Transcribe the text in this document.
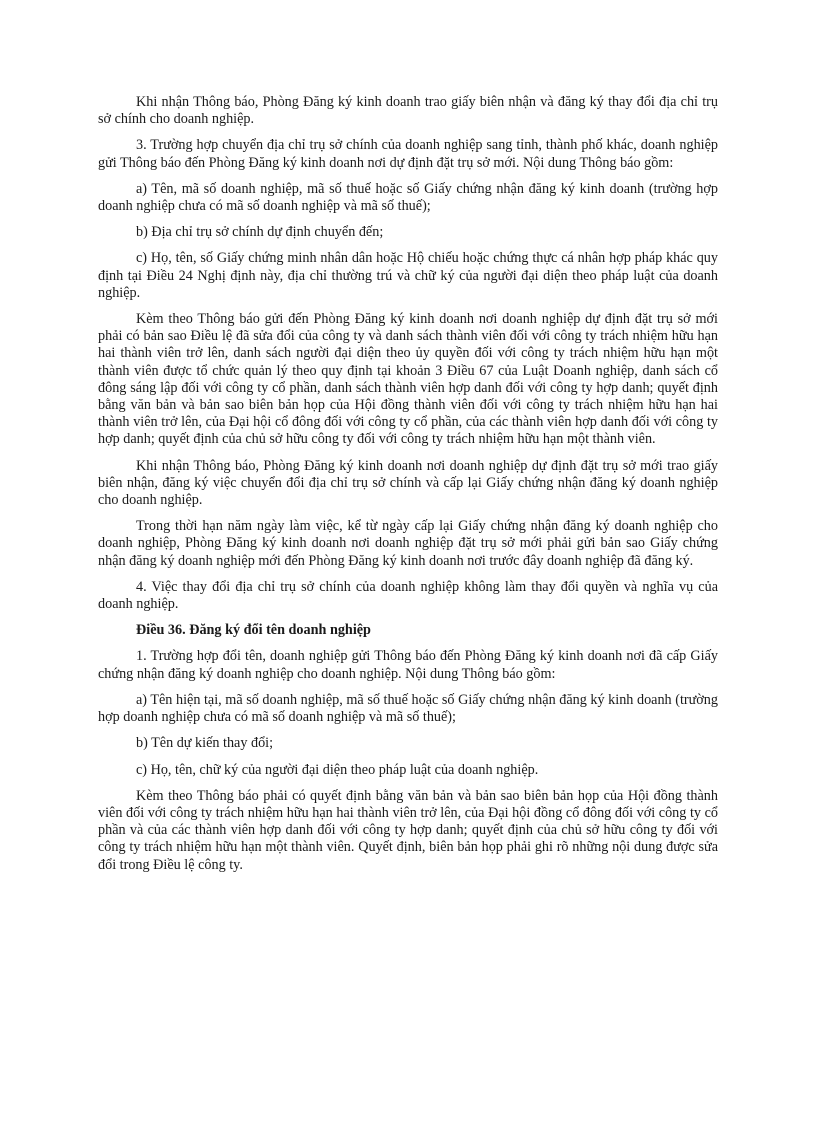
Khi nhận Thông báo, Phòng Đăng ký kinh doanh trao giấy biên nhận và đăng ký thay đổi địa chỉ trụ sở chính cho doanh nghiệp.

3. Trường hợp chuyển địa chỉ trụ sở chính của doanh nghiệp sang tỉnh, thành phố khác, doanh nghiệp gửi Thông báo đến Phòng Đăng ký kinh doanh nơi dự định đặt trụ sở mới. Nội dung Thông báo gồm:

a) Tên, mã số doanh nghiệp, mã số thuế hoặc số Giấy chứng nhận đăng ký kinh doanh (trường hợp doanh nghiệp chưa có mã số doanh nghiệp và mã số thuế);

b) Địa chỉ trụ sở chính dự định chuyển đến;

c) Họ, tên, số Giấy chứng minh nhân dân hoặc Hộ chiếu hoặc chứng thực cá nhân hợp pháp khác quy định tại Điều 24 Nghị định này, địa chỉ thường trú và chữ ký của người đại diện theo pháp luật của doanh nghiệp.

Kèm theo Thông báo gửi đến Phòng Đăng ký kinh doanh nơi doanh nghiệp dự định đặt trụ sở mới phải có bản sao Điều lệ đã sửa đổi của công ty và danh sách thành viên đối với công ty trách nhiệm hữu hạn hai thành viên trở lên, danh sách người đại diện theo ủy quyền đối với công ty trách nhiệm hữu hạn một thành viên được tổ chức quản lý theo quy định tại khoản 3 Điều 67 của Luật Doanh nghiệp, danh sách cổ đông sáng lập đối với công ty cổ phần, danh sách thành viên hợp danh đối với công ty hợp danh; quyết định bằng văn bản và bản sao biên bản họp của Hội đồng thành viên đối với công ty trách nhiệm hữu hạn hai thành viên trở lên, của Đại hội cổ đông đối với công ty cổ phần, của các thành viên hợp danh đối với công ty hợp danh; quyết định của chủ sở hữu công ty đối với công ty trách nhiệm hữu hạn một thành viên.

Khi nhận Thông báo, Phòng Đăng ký kinh doanh nơi doanh nghiệp dự định đặt trụ sở mới trao giấy biên nhận, đăng ký việc chuyển đổi địa chỉ trụ sở chính và cấp lại Giấy chứng nhận đăng ký doanh nghiệp cho doanh nghiệp.

Trong thời hạn năm ngày làm việc, kể từ ngày cấp lại Giấy chứng nhận đăng ký doanh nghiệp cho doanh nghiệp, Phòng Đăng ký kinh doanh nơi doanh nghiệp đặt trụ sở mới phải gửi bản sao Giấy chứng nhận đăng ký doanh nghiệp mới đến Phòng Đăng ký kinh doanh nơi trước đây doanh nghiệp đã đăng ký.

4. Việc thay đổi địa chỉ trụ sở chính của doanh nghiệp không làm thay đổi quyền và nghĩa vụ của doanh nghiệp.

Điều 36. Đăng ký đổi tên doanh nghiệp

1. Trường hợp đổi tên, doanh nghiệp gửi Thông báo đến Phòng Đăng ký kinh doanh nơi đã cấp Giấy chứng nhận đăng ký doanh nghiệp cho doanh nghiệp. Nội dung Thông báo gồm:

a) Tên hiện tại, mã số doanh nghiệp, mã số thuế hoặc số Giấy chứng nhận đăng ký kinh doanh (trường hợp doanh nghiệp chưa có mã số doanh nghiệp và mã số thuế);

b) Tên dự kiến thay đổi;

c) Họ, tên, chữ ký của người đại diện theo pháp luật của doanh nghiệp.

Kèm theo Thông báo phải có quyết định bằng văn bản và bản sao biên bản họp của Hội đồng thành viên đối với công ty trách nhiệm hữu hạn hai thành viên trở lên, của Đại hội đồng cổ đông đối với công ty cổ phần và của các thành viên hợp danh đối với công ty hợp danh; quyết định của chủ sở hữu công ty đối với công ty trách nhiệm hữu hạn một thành viên. Quyết định, biên bản họp phải ghi rõ những nội dung được sửa đổi trong Điều lệ công ty.
